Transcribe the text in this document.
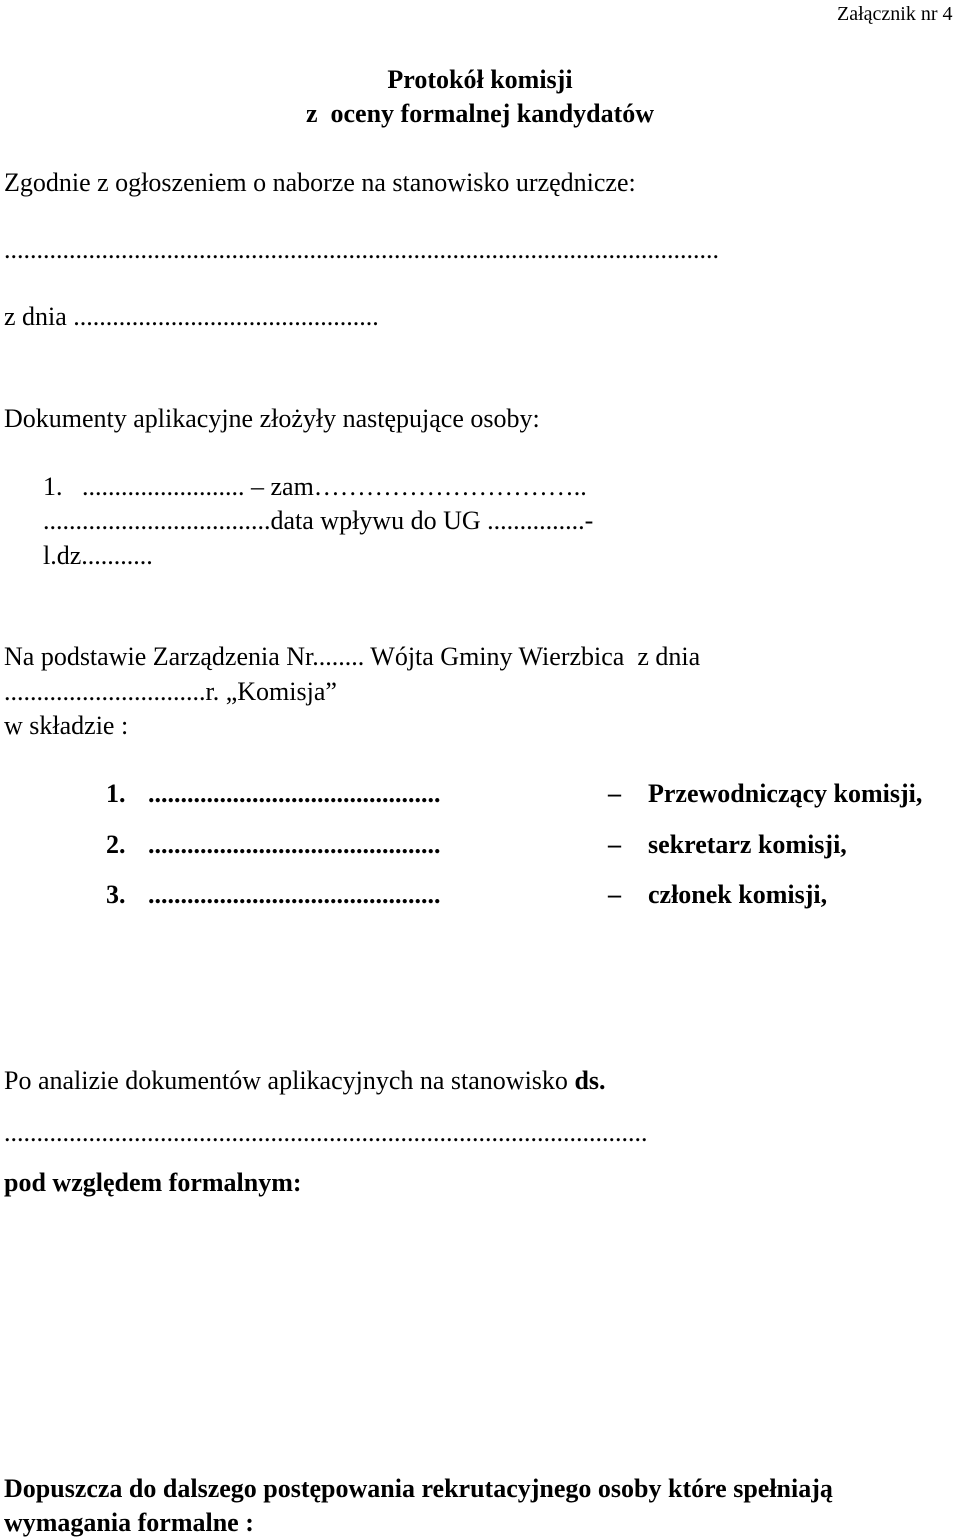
Załącznik nr 4
Protokół komisji
z  oceny formalnej kandydatów
Zgodnie z ogłoszeniem o naborze na stanowisko urzędnicze:
..............................................................................................................
z dnia ...............................................
Dokumenty aplikacyjne złożyły następujące osoby:
1.   ......................... – zam…………………………..
...................................data wpływu do UG ...............-
l.dz...........
Na podstawie Zarządzenia Nr........ Wójta Gminy Wierzbica  z dnia
...............................r. „Komisja”
w składzie :
1. .............................................	– Przewodniczący komisji,
2. .............................................	– sekretarz komisji,
3. .............................................	– członek komisji,
Po analizie dokumentów aplikacyjnych na stanowisko ds.
...................................................................................................
pod względem formalnym:
Dopuszcza do dalszego postępowania rekrutacyjnego osoby które spełniają
wymagania formalne :
